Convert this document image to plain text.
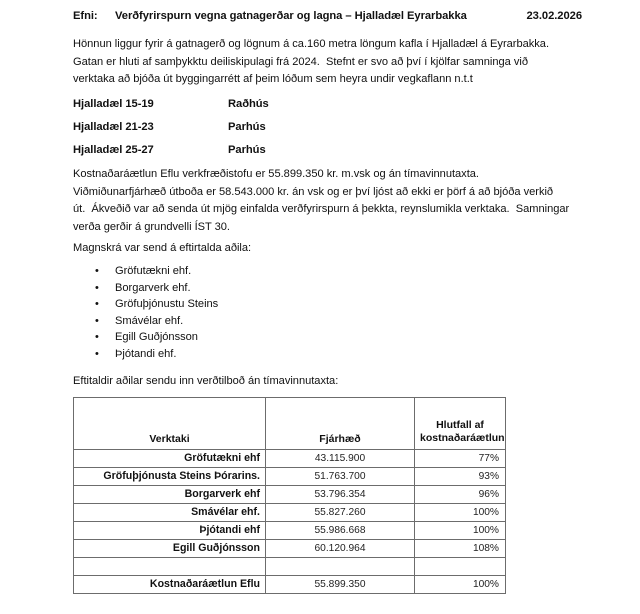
Efni:	Verðfyrirspurn vegna gatnagerðar og lagna – Hjalladæl Eyrarbakka	23.02.2026
Hönnun liggur fyrir á gatnagerð og lögnum á ca.160 metra löngum kafla í Hjalladæl á Eyrarbakka.
Gatan er hluti af samþykktu deiliskipulagi frá 2024.  Stefnt er svo að því í kjölfar samninga við
verktaka að bjóða út byggingarrétt af þeim lóðum sem heyra undir vegkaflann n.t.t
Hjalladæl 15-19	Raðhús
Hjalladæl 21-23	Parhús
Hjalladæl 25-27	Parhús
Kostnaðaráætlun Eflu verkfræðistofu er 55.899.350 kr. m.vsk og án tímavinnutaxta.
Viðmiðunarfjárhæð útboða er 58.543.000 kr. án vsk og er því ljóst að ekki er þörf á að bjóða verkið
út.  Ákveðið var að senda út mjög einfalda verðfyrirspurn á þekkta, reynslumikla verktaka.  Samningar
verða gerðir á grundvelli ÍST 30.
Magnskrá var send á eftirtalda aðila:
•	Gröfutækni ehf.
•	Borgarverk ehf.
•	Gröfuþjónustu Steins
•	Smávélar ehf.
•	Egill Guðjónsson
•	Þjótandi ehf.
Eftitaldir aðilar sendu inn verðtilboð án tímavinnutaxta:
Verktaki	Fjárhæð	Hlutfall af
kostnaðaráætlun

Gröfutækni ehf	43.115.900	77%
Gröfuþjónusta Steins Þórarins.	51.763.700	93%
Borgarverk ehf	53.796.354	96%
Smávélar ehf.	55.827.260	100%
Þjótandi ehf	55.986.668	100%
Egill Guðjónsson	60.120.964	108%

Kostnaðaráætlun Eflu	55.899.350	100%
